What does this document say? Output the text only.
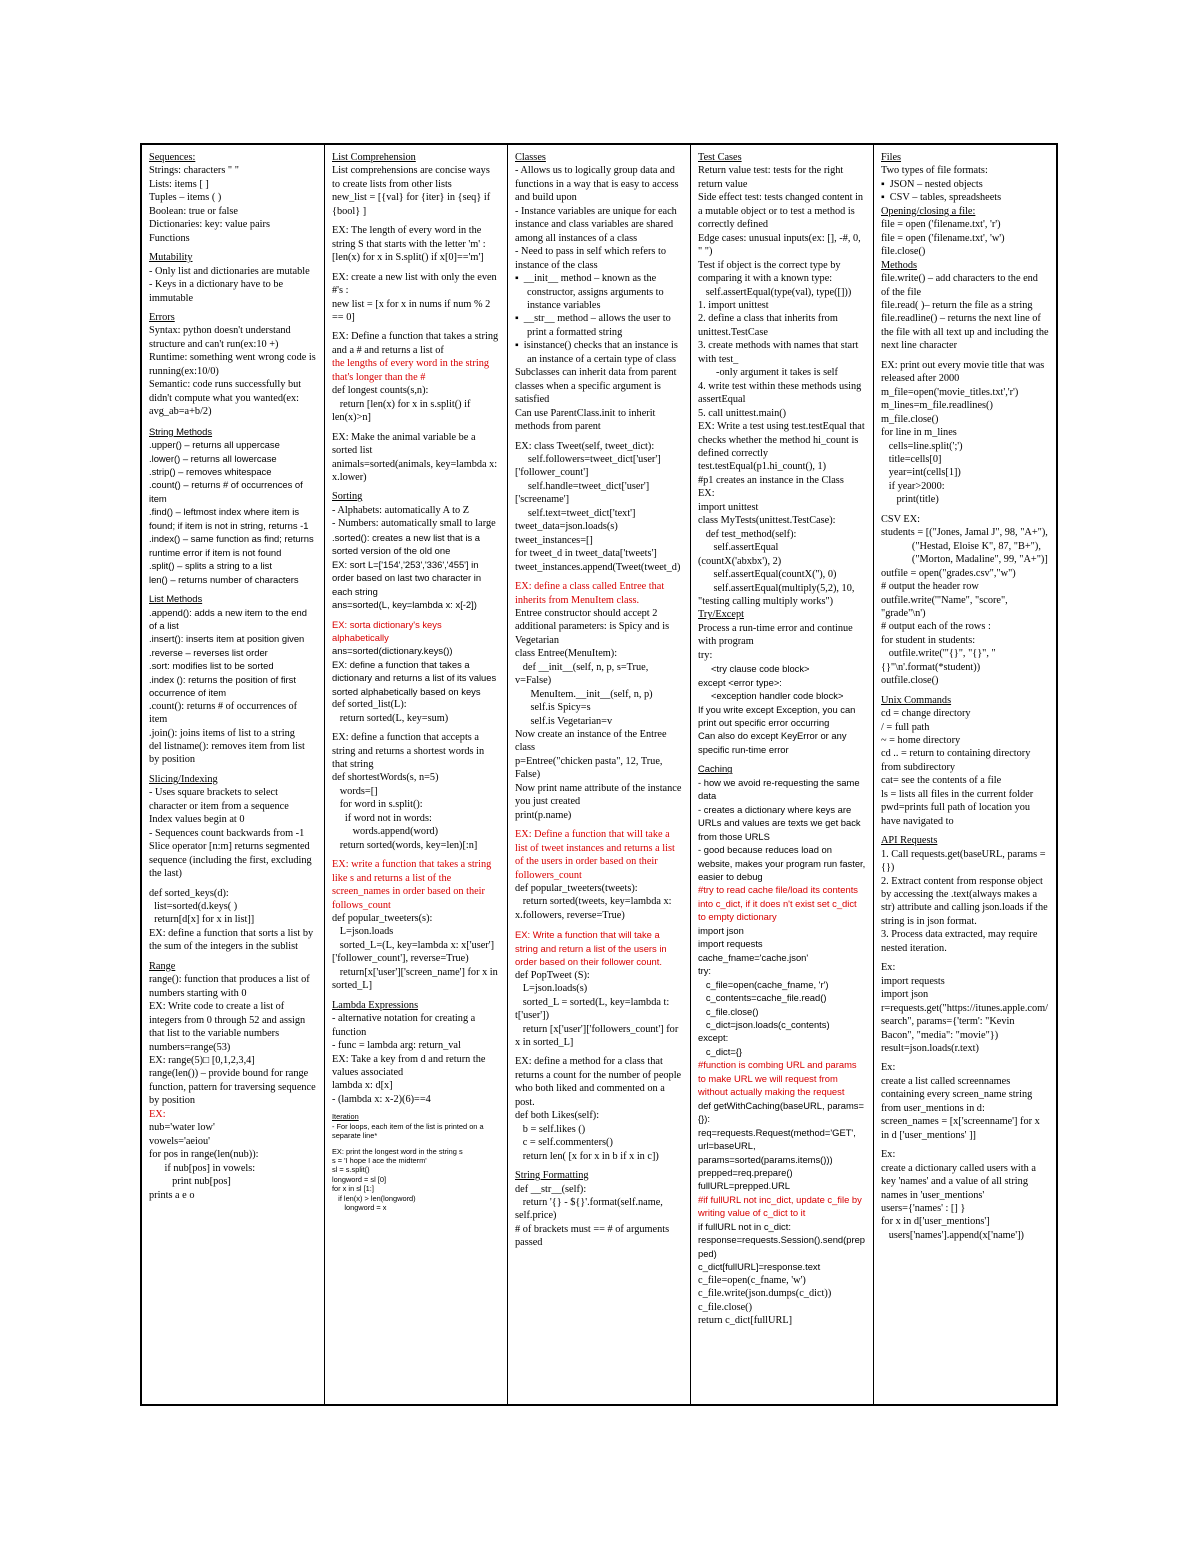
Sequences:
Strings: characters " "
Lists: items [ ]
Tuples – items ( )
Boolean: true or false
Dictionaries: key: value pairs
Functions
Mutability
- Only list and dictionaries are mutable
- Keys in a dictionary have to be immutable
Errors
Syntax: python doesn't understand structure and can't run(ex:10 +)
Runtime: something went wrong code is running(ex:10/0)
Semantic: code runs successfully but didn't compute what you wanted(ex: avg_ab=a+b/2)
String Methods
.upper() – returns all uppercase
.lower() – returns all lowercase
.strip() – removes whitespace
.count() – returns # of occurrences of item
.find() – leftmost index where item is found; if item is not in string, returns -1
.index() – same function as find; returns runtime error if item is not found
.split() – splits a string to a list
len() – returns number of characters
List Methods
.append(): adds a new item to the end of a list
.insert(): inserts item at position given
.reverse – reverses list order
.sort: modifies list to be sorted
.index (): returns the position of first occurrence of item
.count(): returns # of occurrences of item
.join(): joins items of list to a string
del listname(): removes item from list by position
Slicing/Indexing
- Uses square brackets to select character or item from a sequence
Index values begin at 0
- Sequences count backwards from -1
Slice operator [n:m] returns segmented sequence (including the first, excluding the last)
def sorted_keys(d):
list=sorted(d.keys( )
return[d[x] for x in list]]
EX: define a function that sorts a list by the sum of the integers in the sublist
Range
range(): function that produces a list of numbers starting with 0
EX: Write code to create a list of integers from 0 through 52 and assign that list to the variable numbers
numbers=range(53)
EX: range(5)□ [0,1,2,3,4]
range(len()) – provide bound for range function, pattern for traversing sequence by position
EX:
nub='water low'
vowels='aeiou'
for pos in range(len(nub)):
if nub[pos] in vowels:
print nub[pos]
prints a e o
List Comprehension
List comprehensions are concise ways to create lists from other lists
new_list = [{val} for {iter} in {seq} if {bool} ]
EX: The length of every word in the string S that starts with the letter 'm' :
[len(x) for x in S.split() if x[0]=='m']
EX: create a new list with only the even #'s :
new list = [x for x in nums if num % 2 == 0]
EX: Define a function that takes a string and a # and returns a list of
the lengths of every word in the string that's longer than the #
def longest counts(s,n):
return [len(x) for x in s.split() if len(x)>n]
EX: Make the animal variable be a sorted list
animals=sorted(animals, key=lambda x: x.lower)
Sorting
- Alphabets: automatically A to Z
- Numbers: automatically small to large
.sorted(): creates a new list that is a sorted version of the old one
EX: sort L=['154','253','336','455'] in order based on last two character in each string
ans=sorted(L, key=lambda x: x[-2])
EX: sorta dictionary's keys alphabetically
ans=sorted(dictionary.keys())
EX: define a function that takes a dictionary and returns a list of its values sorted alphabetically based on keys
def sorted_list(L):
return sorted(L, key=sum)
EX: define a function that accepts a string and returns a shortest words in that string
def shortestWords(s, n=5)
words=[]
for word in s.split():
if word not in words:
words.append(word)
return sorted(words, key=len)[:n]
EX: write a function that takes a string like s and returns a list of the screen_names in order based on their follows_count
def popular_tweeters(s):
L=json.loads
sorted_L=(L, key=lambda x: x['user']['follower_count'], reverse=True)
return[x['user']['screen_name'] for x in sorted_L]
Lambda Expressions
- alternative notation for creating a function
- func = lambda arg: return_val
EX: Take a key from d and return the values associated
lambda x: d[x]
- (lambda x: x-2)(6)==4
Iteration
- For loops, each item of the list is printed on a separate line*
EX: print the longest word in the string s
s = 'I hope I ace the midterm'
sl = s.split()
longword = sl [0]
for x in sl [1:]
if len(x) > len(longword)
longword = x
Classes
- Allows us to logically group data and functions in a way that is easy to access and build upon
- Instance variables are unique for each instance and class variables are shared among all instances of a class
- Need to pass in self which refers to instance of the class
▪  __init__ method – known as the constructor, assigns arguments to instance variables
▪  __str__ method – allows the user to print a formatted string
▪  isinstance() checks that an instance is an instance of a certain type of class
Subclasses can inherit data from parent classes when a specific argument is satisfied
Can use ParentClass.init to inherit methods from parent
EX: class Tweet(self, tweet_dict):
self.followers=tweet_dict['user']['follower_count']
self.handle=tweet_dict['user']['screename']
self.text=tweet_dict['text']
tweet_data=json.loads(s)
tweet_instances=[]
for tweet_d in tweet_data['tweets']
tweet_instances.append(Tweet(tweet_d)
EX: define a class called Entree that inherits from MenuItem class.
Entree constructor should accept 2 additional parameters: is Spicy and is Vegetarian
class Entree(MenuItem):
def __init__(self, n, p, s=True, v=False)
MenuItem.__init__(self, n, p)
self.is Spicy=s
self.is Vegetarian=v
Now create an instance of the Entree class
p=Entree("chicken pasta", 12, True, False)
Now print name attribute of the instance you just created
print(p.name)
EX: Define a function that will take a list of tweet instances and returns a list of the users in order based on their followers_count
def popular_tweeters(tweets):
return sorted(tweets, key=lambda x: x.followers, reverse=True)
EX: Write a function that will take a string and return a list of the users in order based on their follower count.
def PopTweet (S):
L=json.loads(s)
sorted_L = sorted(L, key=lambda t: t['user'])
return [x['user']['followers_count'] for x in sorted_L]
EX: define a method for a class that returns a count for the number of people who both liked and commented on a post.
def both Likes(self):
b = self.likes ()
c = self.commenters()
return len( [x for x in b if x in c])
String Formatting
def __str__(self):
return '{} - ${}'.format(self.name, self.price)
# of brackets must == # of arguments passed
Test Cases
Return value test: tests for the right return value
Side effect test: tests changed content in a mutable object or to test a method is correctly defined
Edge cases: unusual inputs(ex: [], -#, 0, " ")
Test if object is the correct type by comparing it with a known type:
self.assertEqual(type(val), type([]))
1. import unittest
2. define a class that inherits from unittest.TestCase
3. create methods with names that start with test_
-only argument it takes is self
4. write test within these methods using assertEqual
5. call unittest.main()
EX: Write a test using test.testEqual that checks whether the method hi_count is defined correctly
test.testEqual(p1.hi_count(), 1)
#p1 creates an instance in the Class
EX:
import unittest
class MyTests(unittest.TestCase):
def test_method(self):
self.assertEqual
(countX('abxbx'), 2)
self.assertEqual(countX(''), 0)
self.assertEqual(multiply(5,2), 10, "testing calling multiply works")
Try/Except
Process a run-time error and continue with program
try:
<try clause code block>
except <error type>:
<exception handler code block>
If you write except Exception, you can print out specific error occurring
Can also do except KeyError or any specific run-time error
Caching
- how we avoid re-requesting the same data
- creates a dictionary where keys are URLs and values are texts we get back from those URLS
- good because reduces load on website, makes your program run faster, easier to debug
#try to read cache file/load its contents into c_dict, if it does n't exist set c_dict to empty dictionary
import json
import requests
cache_fname='cache.json'
try:
c_file=open(cache_fname, 'r')
c_contents=cache_file.read()
c_file.close()
c_dict=json.loads(c_contents)
except:
c_dict={}
#function is combing URL and params to make URL we will request from without actually making the request
def getWithCaching(baseURL, params={}):
req=requests.Request(method='GET', url=baseURL, params=sorted(params.items()))
prepped=req.prepare()
fullURL=prepped.URL
#if fullURL not inc_dict, update c_file by writing value of c_dict to it
if fullURL not in c_dict: response=requests.Session().send(prepped)
c_dict[fullURL]=response.text
c_file=open(c_fname, 'w')
c_file.write(json.dumps(c_dict))
c_file.close()
return c_dict[fullURL]
Files
Two types of file formats:
▪  JSON – nested objects
▪  CSV – tables, spreadsheets
Opening/closing a file:
file = open ('filename.txt', 'r')
file = open ('filename.txt', 'w')
file.close()
Methods
file.write() – add characters to the end of the file
file.read( )– return the file as a string
file.readline() – returns the next line of the file with all text up and including the next line character
EX: print out every movie title that was released after 2000
m_file=open('movie_titles.txt','r')
m_lines=m_file.readlines()
m_file.close()
for line in m_lines
cells=line.split(';')
title=cells[0]
year=int(cells[1])
if year>2000:
print(title)
CSV EX:
students = [("Jones, Jamal J", 98, "A+"),
("Hestad, Eloise K", 87, "B+"),
("Morton, Madaline", 99, "A+")]
outfile = open("grades.csv","w")
# output the header row
outfile.write('"Name", "score", "grade"\n')
# output each of the rows :
for student in students:
outfile.write('"{}", "{}", "{}"\n'.format(*student))
outfile.close()
Unix Commands
cd = change directory
/ = full path
~ = home directory
cd .. = return to containing directory from subdirectory
cat= see the contents of a file
ls = lists all files in the current folder
pwd=prints full path of location you have navigated to
API Requests
1. Call requests.get(baseURL, params = {})
2. Extract content from response object by accessing the .text(always makes a str) attribute and calling json.loads if the string is in json format.
3. Process data extracted, may require nested iteration.
Ex:
import requests
import json
r=requests.get("https://itunes.apple.com/search", params={'term': "Kevin Bacon", "media": "movie"})
result=json.loads(r.text)
Ex:
create a list called screennames containing every screen_name string from user_mentions in d:
screen_names = [x['screenname'] for x in d ['user_mentions' ]]
Ex:
create a dictionary called users with a key 'names' and a value of all string names in 'user_mentions'
users={'names' : [] }
for x in d['user_mentions']
users['names'].append(x['name'])
